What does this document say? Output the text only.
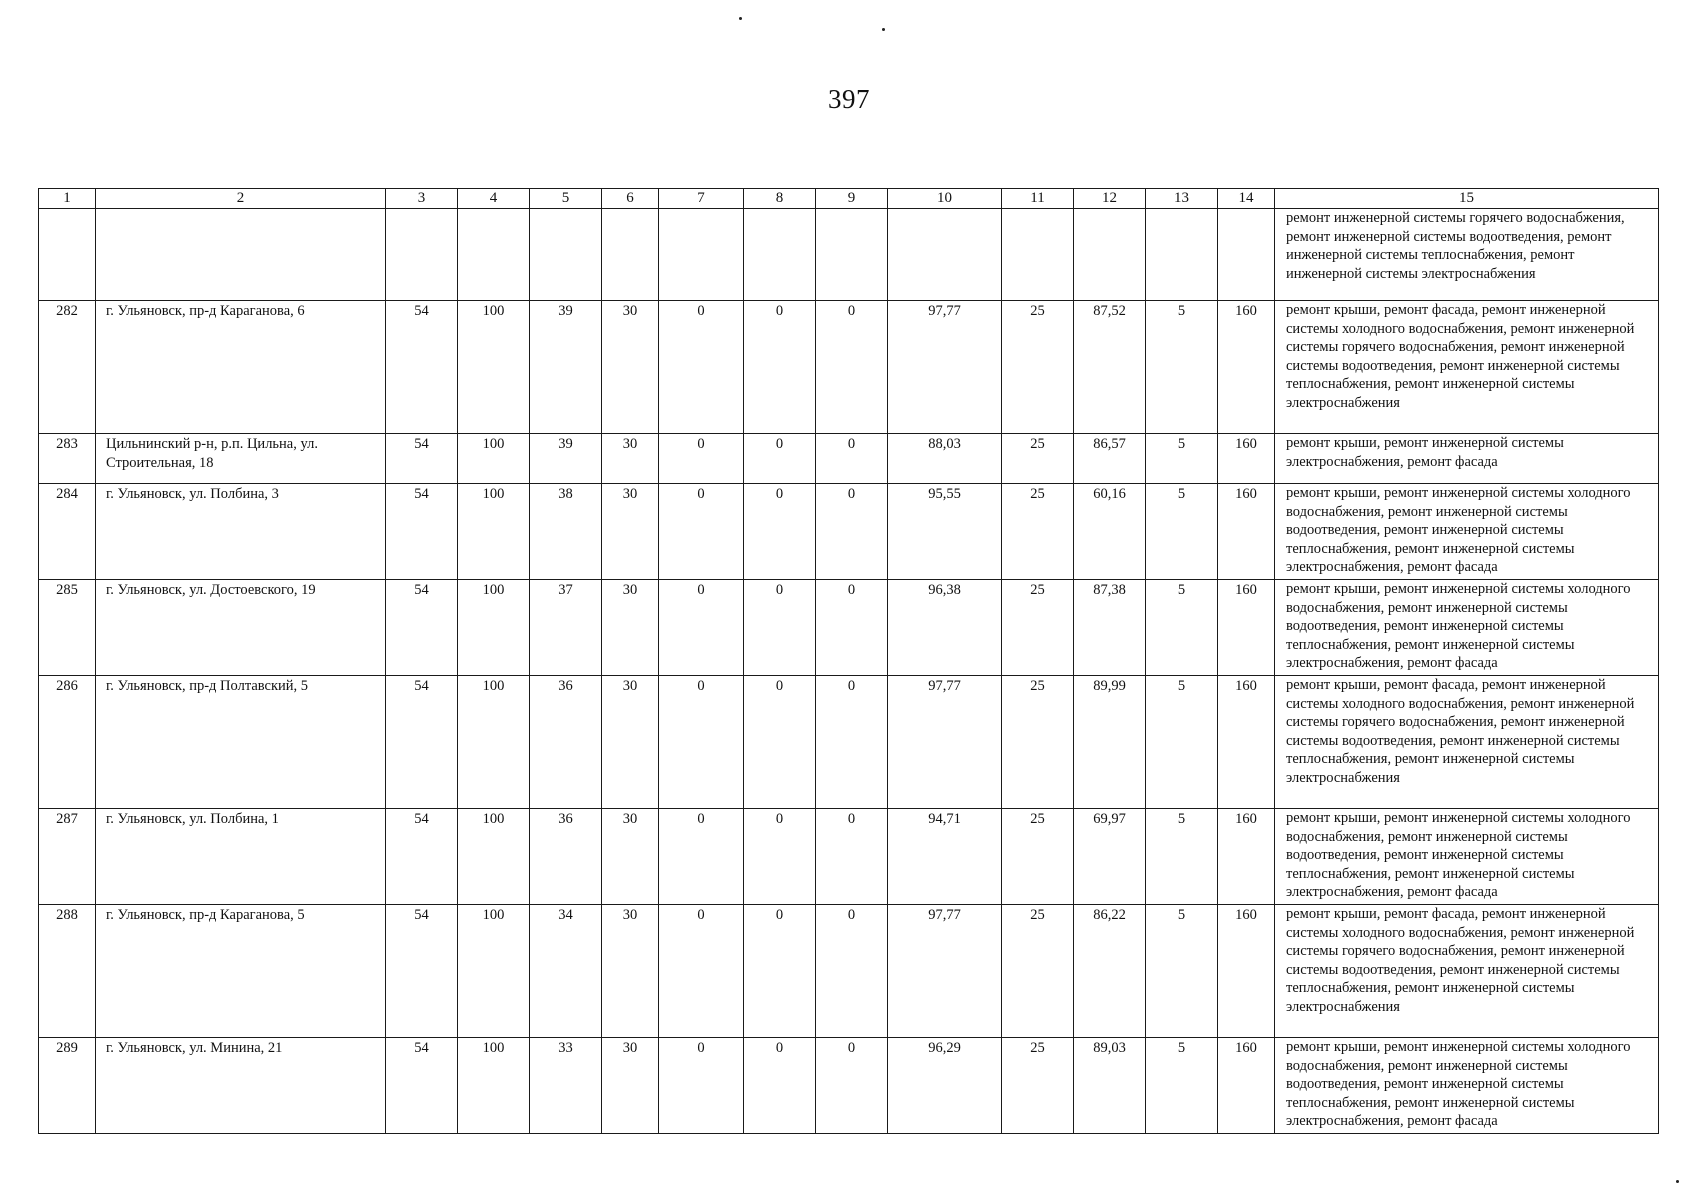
397
1	2	3	4	5	6	7	8	9	10	11	12	13	14	15
														ремонт инженерной системы горячего водоснабжения, ремонт инженерной системы водоотведения, ремонт инженерной системы теплоснабжения, ремонт инженерной системы электроснабжения
282	г. Ульяновск, пр-д Караганова, 6	54	100	39	30	0	0	0	97,77	25	87,52	5	160	ремонт крыши, ремонт фасада, ремонт инженерной системы холодного водоснабжения, ремонт инженерной системы горячего водоснабжения, ремонт инженерной системы водоотведения, ремонт инженерной системы теплоснабжения, ремонт инженерной системы электроснабжения
283	Цильнинский р-н, р.п. Цильна, ул. Строительная, 18	54	100	39	30	0	0	0	88,03	25	86,57	5	160	ремонт крыши, ремонт инженерной системы электроснабжения, ремонт фасада
284	г. Ульяновск, ул. Полбина, 3	54	100	38	30	0	0	0	95,55	25	60,16	5	160	ремонт крыши, ремонт инженерной системы холодного водоснабжения, ремонт инженерной системы водоотведения, ремонт инженерной системы теплоснабжения, ремонт инженерной системы электроснабжения, ремонт фасада
285	г. Ульяновск, ул. Достоевского, 19	54	100	37	30	0	0	0	96,38	25	87,38	5	160	ремонт крыши, ремонт инженерной системы холодного водоснабжения, ремонт инженерной системы водоотведения, ремонт инженерной системы теплоснабжения, ремонт инженерной системы электроснабжения, ремонт фасада
286	г. Ульяновск, пр-д Полтавский, 5	54	100	36	30	0	0	0	97,77	25	89,99	5	160	ремонт крыши, ремонт фасада, ремонт инженерной системы холодного водоснабжения, ремонт инженерной системы горячего водоснабжения, ремонт инженерной системы водоотведения, ремонт инженерной системы теплоснабжения, ремонт инженерной системы электроснабжения
287	г. Ульяновск, ул. Полбина, 1	54	100	36	30	0	0	0	94,71	25	69,97	5	160	ремонт крыши, ремонт инженерной системы холодного водоснабжения, ремонт инженерной системы водоотведения, ремонт инженерной системы теплоснабжения, ремонт инженерной системы электроснабжения, ремонт фасада
288	г. Ульяновск, пр-д Караганова, 5	54	100	34	30	0	0	0	97,77	25	86,22	5	160	ремонт крыши, ремонт фасада, ремонт инженерной системы холодного водоснабжения, ремонт инженерной системы горячего водоснабжения, ремонт инженерной системы водоотведения, ремонт инженерной системы теплоснабжения, ремонт инженерной системы электроснабжения
289	г. Ульяновск, ул. Минина, 21	54	100	33	30	0	0	0	96,29	25	89,03	5	160	ремонт крыши, ремонт инженерной системы холодного водоснабжения, ремонт инженерной системы водоотведения, ремонт инженерной системы теплоснабжения, ремонт инженерной системы электроснабжения, ремонт фасада
